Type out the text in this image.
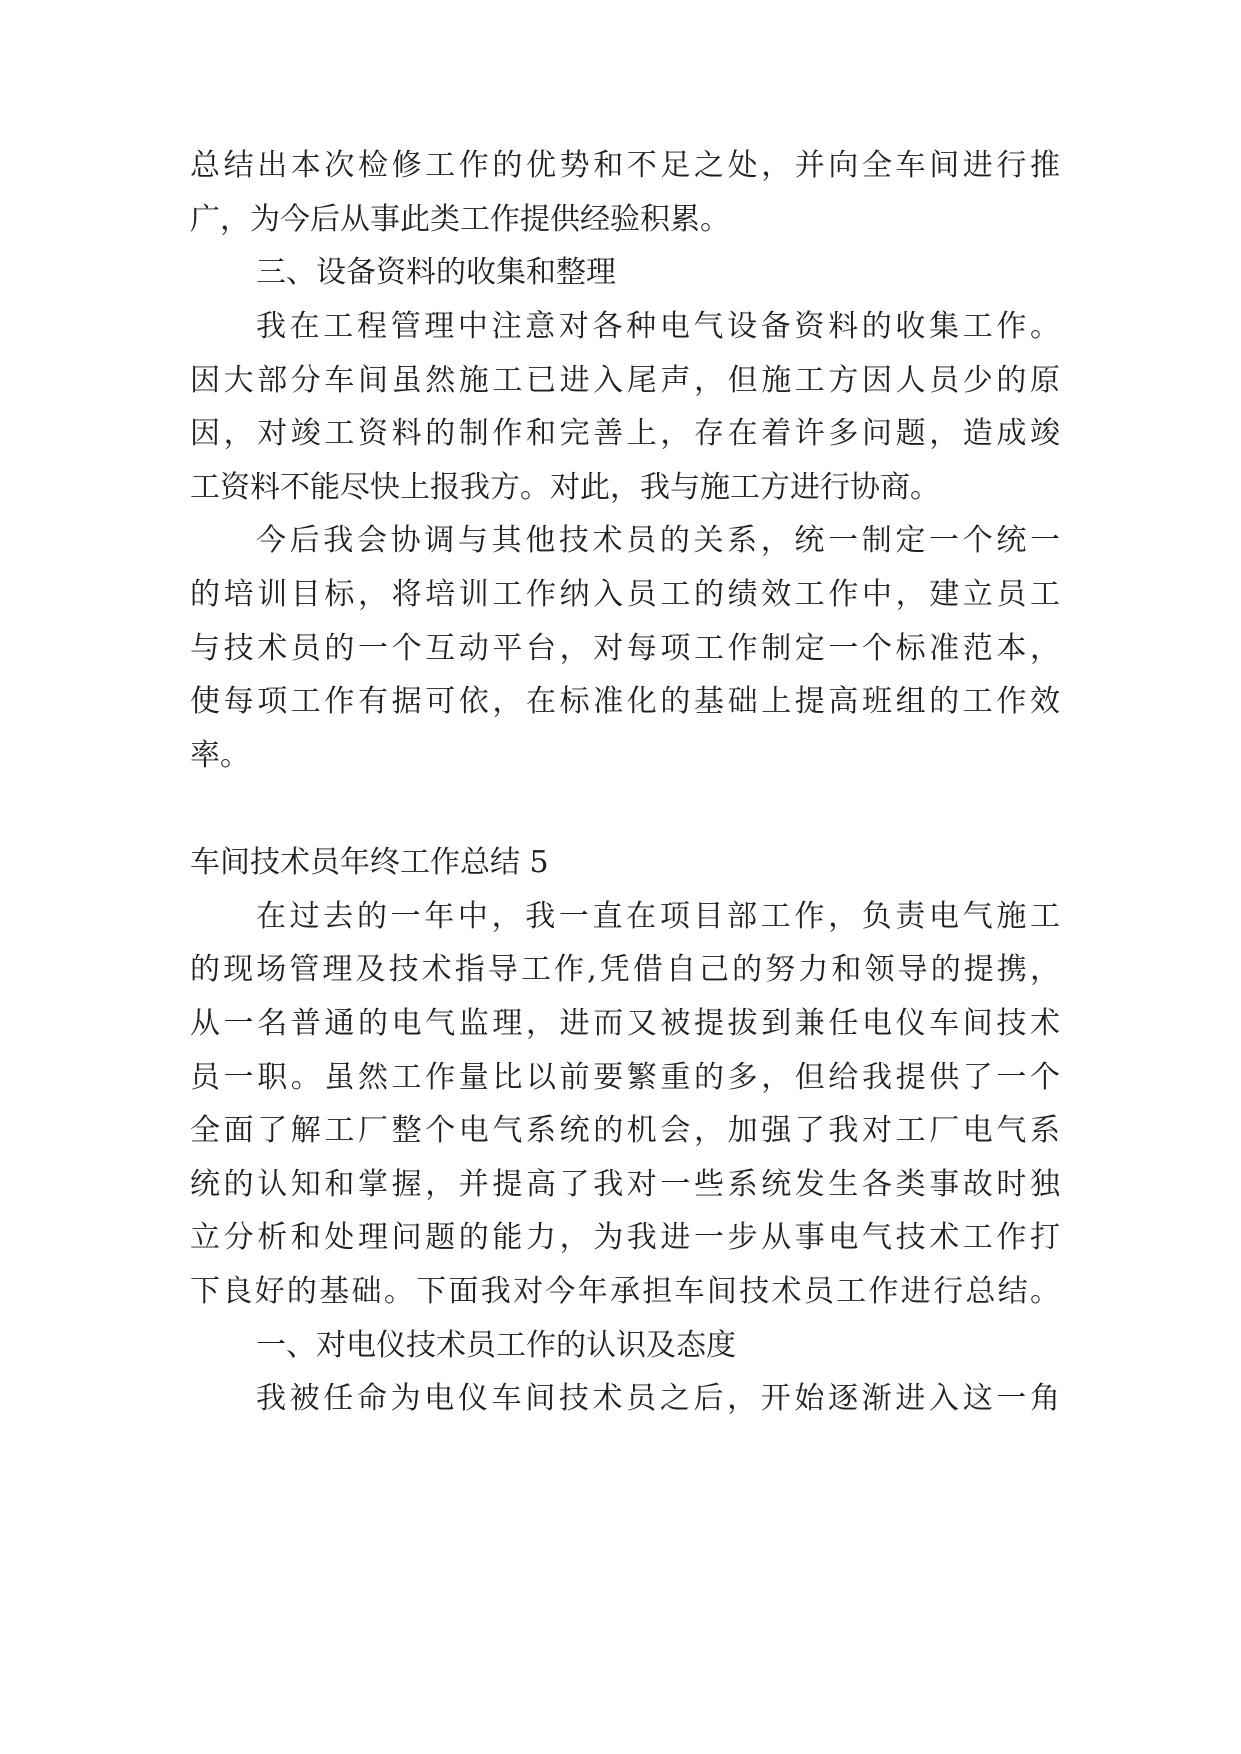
总结出本次检修工作的优势和不足之处，并向全车间进行推
广，为今后从事此类工作提供经验积累。
三、设备资料的收集和整理
我在工程管理中注意对各种电气设备资料的收集工作。
因大部分车间虽然施工已进入尾声，但施工方因人员少的原
因，对竣工资料的制作和完善上，存在着许多问题，造成竣
工资料不能尽快上报我方。对此，我与施工方进行协商。
今后我会协调与其他技术员的关系，统一制定一个统一
的培训目标，将培训工作纳入员工的绩效工作中，建立员工
与技术员的一个互动平台，对每项工作制定一个标准范本，
使每项工作有据可依，在标准化的基础上提高班组的工作效
率。
车间技术员年终工作总结 5
在过去的一年中，我一直在项目部工作，负责电气施工
的现场管理及技术指导工作,凭借自己的努力和领导的提携，
从一名普通的电气监理，进而又被提拔到兼任电仪车间技术
员一职。虽然工作量比以前要繁重的多，但给我提供了一个
全面了解工厂整个电气系统的机会，加强了我对工厂电气系
统的认知和掌握，并提高了我对一些系统发生各类事故时独
立分析和处理问题的能力，为我进一步从事电气技术工作打
下良好的基础。下面我对今年承担车间技术员工作进行总结。
一、对电仪技术员工作的认识及态度
我被任命为电仪车间技术员之后，开始逐渐进入这一角
